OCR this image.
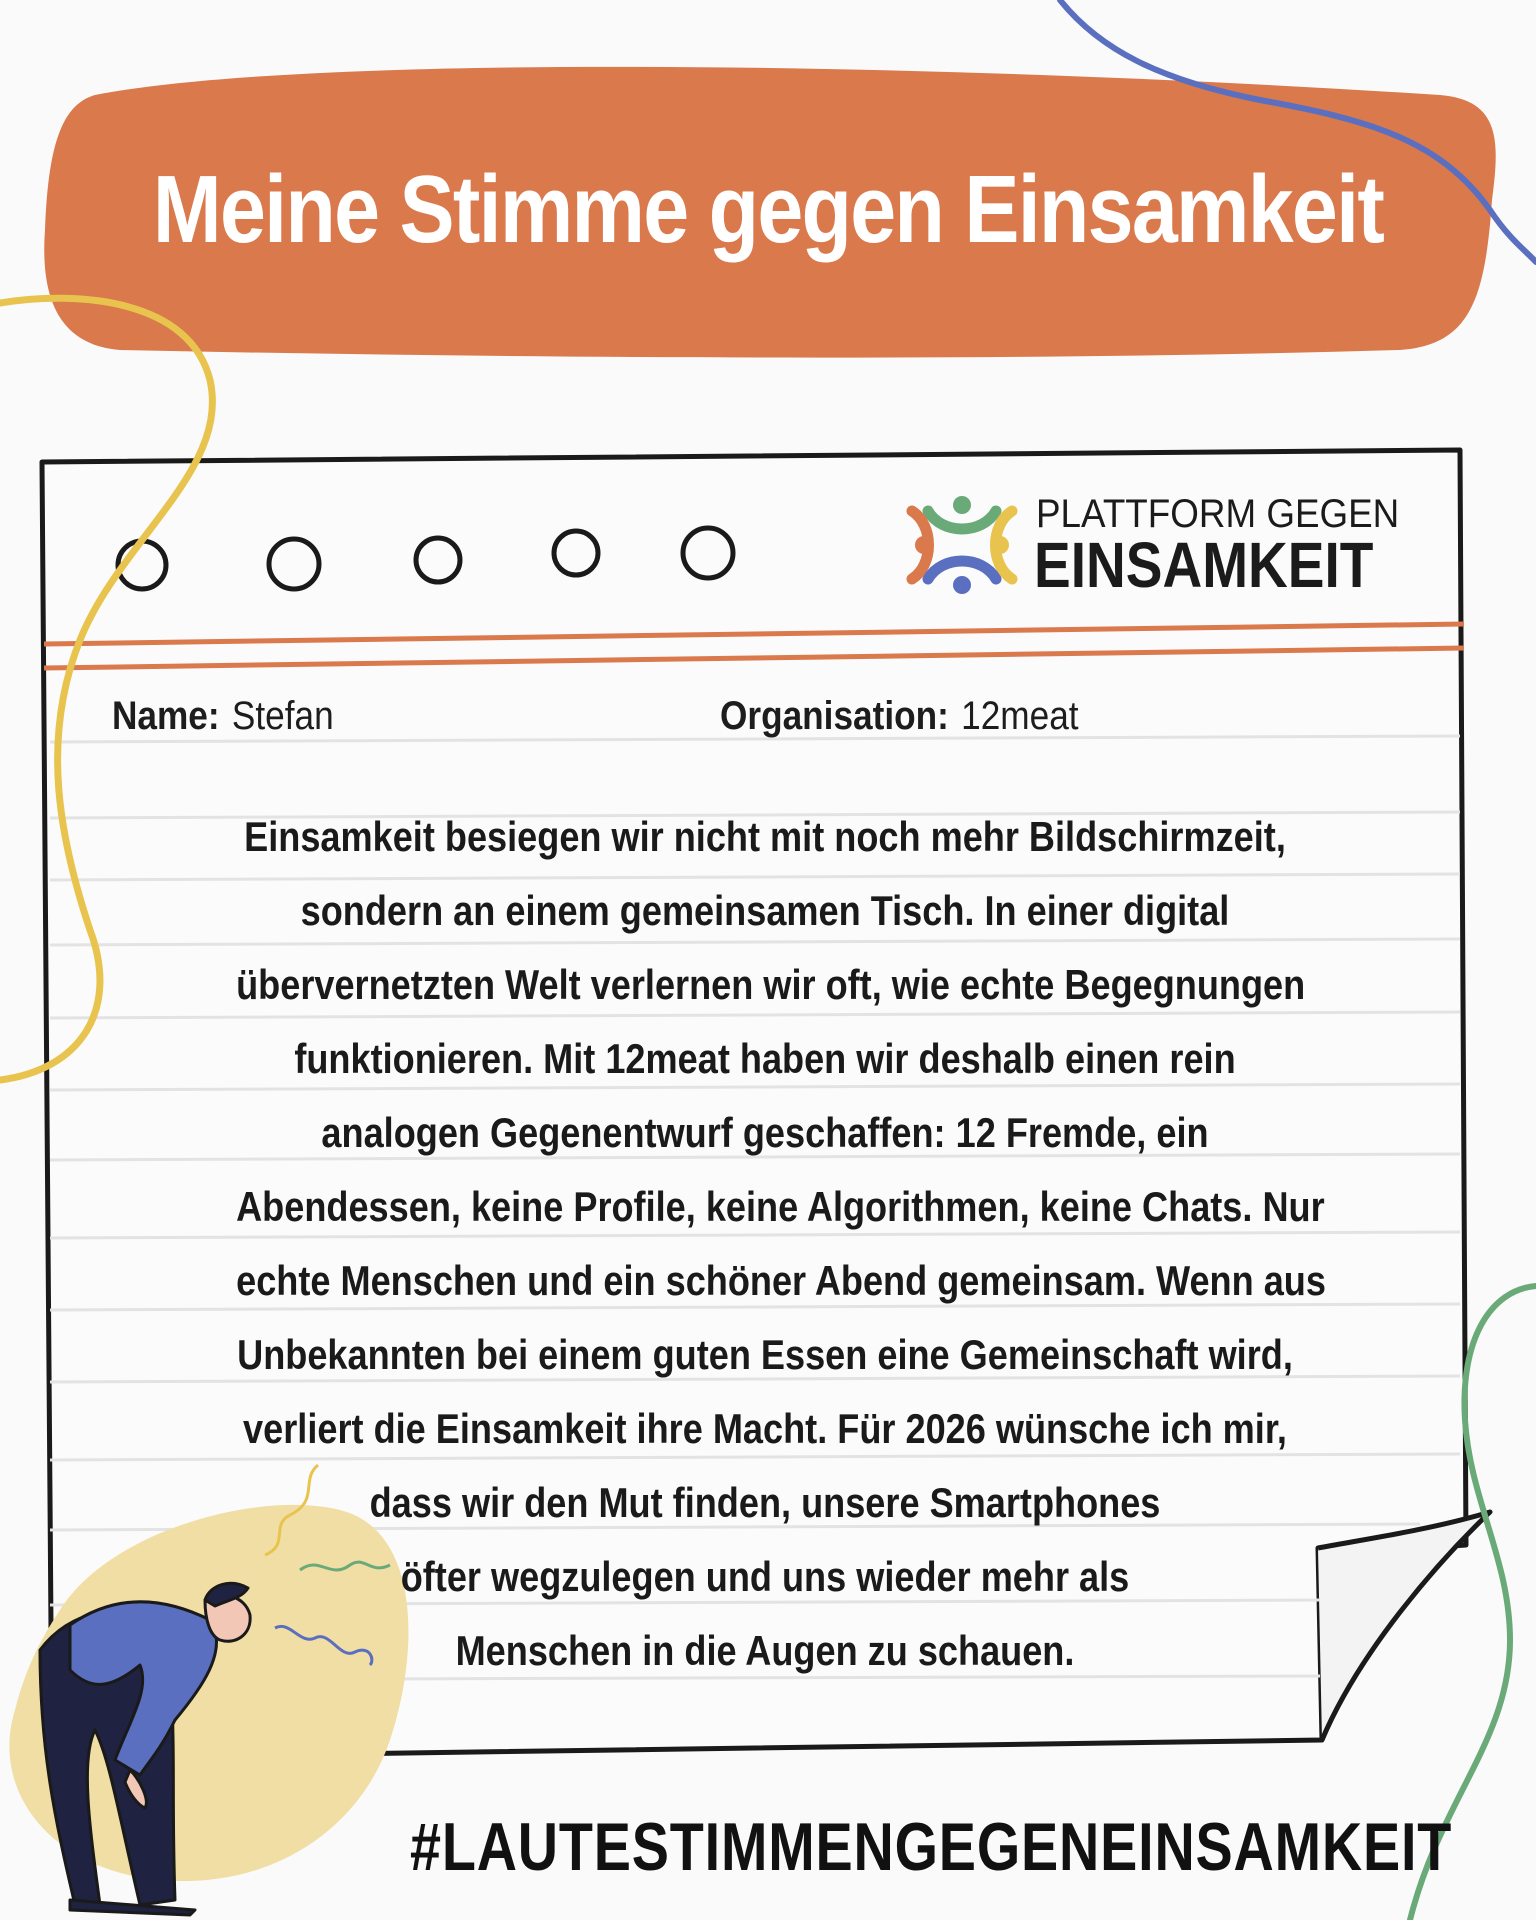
Meine Stimme gegen Einsamkeit
PLATTFORM GEGEN
EINSAMKEIT
Name: Stefan	Organisation: 12meat
Einsamkeit besiegen wir nicht mit noch mehr Bildschirmzeit,
sondern an einem gemeinsamen Tisch. In einer digital
übervernetzten Welt verlernen wir oft, wie echte Begegnungen
funktionieren. Mit 12meat haben wir deshalb einen rein
analogen Gegenentwurf geschaffen: 12 Fremde, ein
Abendessen, keine Profile, keine Algorithmen, keine Chats. Nur
echte Menschen und ein schöner Abend gemeinsam. Wenn aus
Unbekannten bei einem guten Essen eine Gemeinschaft wird,
verliert die Einsamkeit ihre Macht. Für 2026 wünsche ich mir,
dass wir den Mut finden, unsere Smartphones
öfter wegzulegen und uns wieder mehr als
Menschen in die Augen zu schauen.
#LAUTESTIMMENGEGENEINSAMKEIT
